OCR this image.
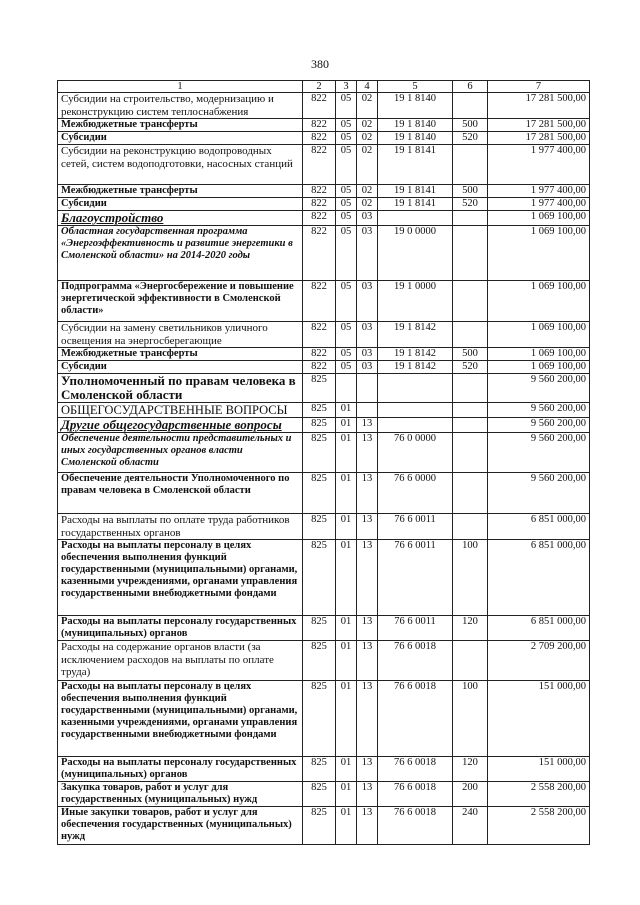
380
1	2	3	4	5	6	7
Субсидии на строительство, модернизацию и реконструкцию систем теплоснабжения	822	05	02	19 1 8140		17 281 500,00
Межбюджетные трансферты	822	05	02	19 1 8140	500	17 281 500,00
Субсидии	822	05	02	19 1 8140	520	17 281 500,00
Субсидии на реконструкцию водопроводных сетей, систем водоподготовки, насосных станций	822	05	02	19 1 8141		1 977 400,00
Межбюджетные трансферты	822	05	02	19 1 8141	500	1 977 400,00
Субсидии	822	05	02	19 1 8141	520	1 977 400,00
Благоустройство	822	05	03			1 069 100,00
Областная государственная программа «Энергоэффективность и развитие энергетики в Смоленской области» на 2014-2020 годы	822	05	03	19 0 0000		1 069 100,00
Подпрограмма «Энергосбережение и повышение энергетической эффективности в Смоленской области»	822	05	03	19 1 0000		1 069 100,00
Субсидии на замену светильников уличного освещения на энергосберегающие	822	05	03	19 1 8142		1 069 100,00
Межбюджетные трансферты	822	05	03	19 1 8142	500	1 069 100,00
Субсидии	822	05	03	19 1 8142	520	1 069 100,00
Уполномоченный по правам человека в Смоленской области	825					9 560 200,00
ОБЩЕГОСУДАРСТВЕННЫЕ ВОПРОСЫ	825	01				9 560 200,00
Другие общегосударственные вопросы	825	01	13			9 560 200,00
Обеспечение деятельности представительных и иных государственных органов власти Смоленской области	825	01	13	76 0 0000		9 560 200,00
Обеспечение деятельности Уполномоченного по правам человека в Смоленской области	825	01	13	76 6 0000		9 560 200,00
Расходы на выплаты по оплате труда работников государственных органов	825	01	13	76 6 0011		6 851 000,00
Расходы на выплаты персоналу в целях обеспечения выполнения функций государственными (муниципальными) органами, казенными учреждениями, органами управления государственными внебюджетными фондами	825	01	13	76 6 0011	100	6 851 000,00
Расходы на выплаты персоналу государственных (муниципальных) органов	825	01	13	76 6 0011	120	6 851 000,00
Расходы на содержание органов власти (за исключением расходов на выплаты по оплате труда)	825	01	13	76 6 0018		2 709 200,00
Расходы на выплаты персоналу в целях обеспечения выполнения функций государственными (муниципальными) органами, казенными учреждениями, органами управления государственными внебюджетными фондами	825	01	13	76 6 0018	100	151 000,00
Расходы на выплаты персоналу государственных (муниципальных) органов	825	01	13	76 6 0018	120	151 000,00
Закупка товаров, работ и услуг для государственных (муниципальных) нужд	825	01	13	76 6 0018	200	2 558 200,00
Иные закупки товаров, работ и услуг для обеспечения государственных (муниципальных) нужд	825	01	13	76 6 0018	240	2 558 200,00
